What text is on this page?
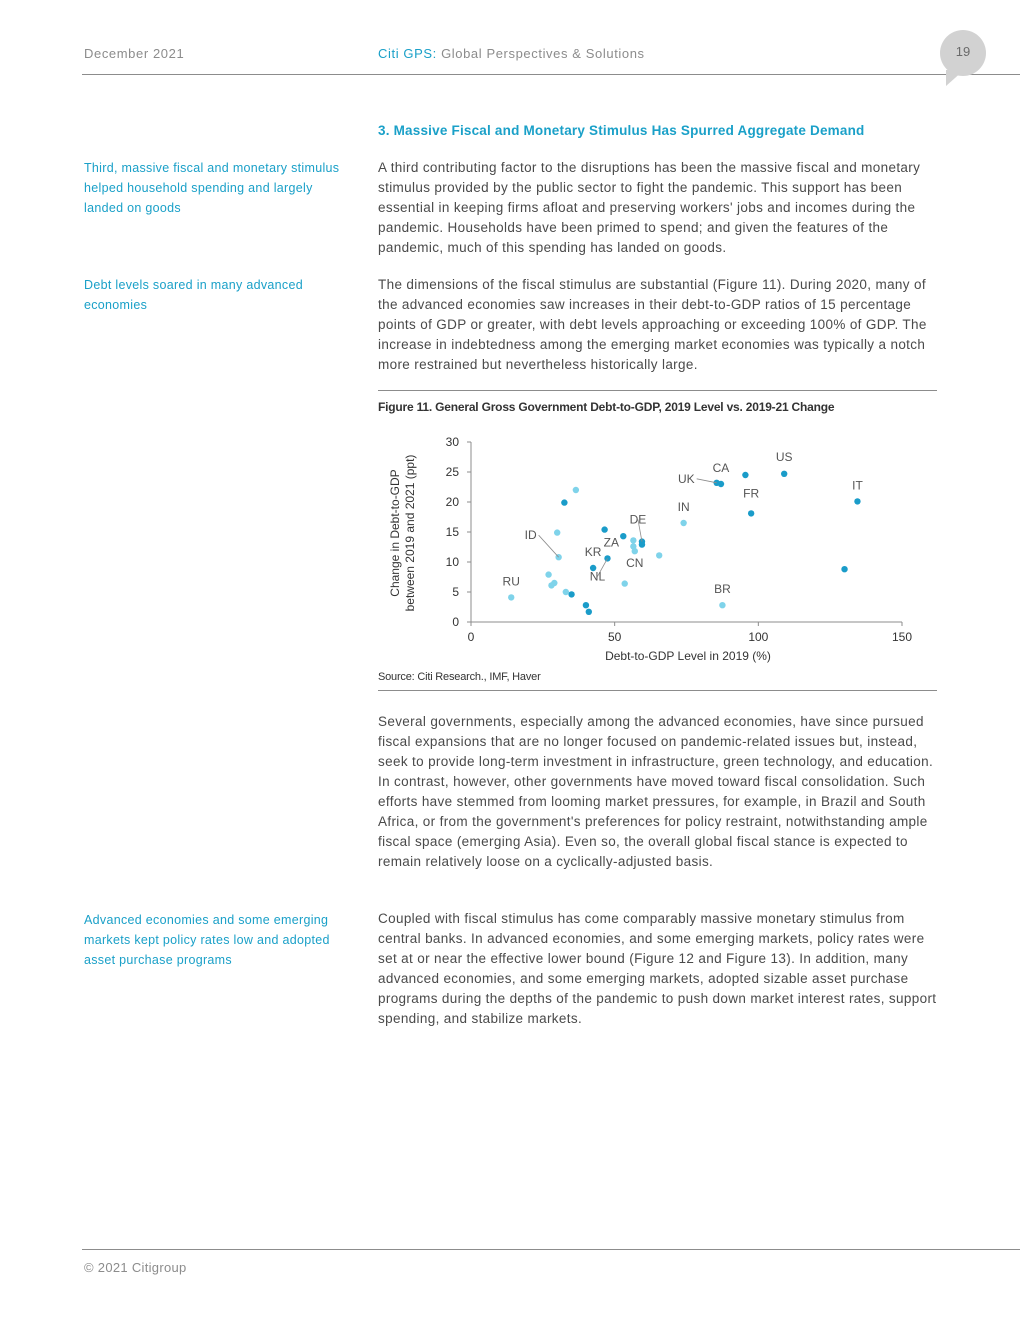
December 2021	Citi GPS: Global Perspectives & Solutions	19
3. Massive Fiscal and Monetary Stimulus Has Spurred Aggregate Demand
Third, massive fiscal and monetary stimulus helped household spending and largely landed on goods
Debt levels soared in many advanced economies
Advanced economies and some emerging markets kept policy rates low and adopted asset purchase programs

A third contributing factor to the disruptions has been the massive fiscal and monetary stimulus provided by the public sector to fight the pandemic. This support has been essential in keeping firms afloat and preserving workers' jobs and incomes during the pandemic. Households have been primed to spend; and given the features of the pandemic, much of this spending has landed on goods.

The dimensions of the fiscal stimulus are substantial (Figure 11). During 2020, many of the advanced economies saw increases in their debt-to-GDP ratios of 15 percentage points of GDP or greater, with debt levels approaching or exceeding 100% of GDP. The increase in indebtedness among the emerging market economies was typically a notch more restrained but nevertheless historically large.

Several governments, especially among the advanced economies, have since pursued fiscal expansions that are no longer focused on pandemic-related issues but, instead, seek to provide long-term investment in infrastructure, green technology, and education. In contrast, however, other governments have moved toward fiscal consolidation. Such efforts have stemmed from looming market pressures, for example, in Brazil and South Africa, or from the government's preferences for policy restraint, notwithstanding ample fiscal space (emerging Asia). Even so, the overall global fiscal stance is expected to remain relatively loose on a cyclically-adjusted basis.

Coupled with fiscal stimulus has come comparably massive monetary stimulus from central banks. In advanced economies, and some emerging markets, policy rates were set at or near the effective lower bound (Figure 12 and Figure 13). In addition, many advanced economies, and some emerging markets, adopted sizable asset purchase programs during the depths of the pandemic to push down market interest rates, support spending, and stabilize markets.

Figure 11. General Gross Government Debt-to-GDP, 2019 Level vs. 2019-21 Change
0
5
10
15
20
25
30
0	50	100	150
US
IT
CA
UK
FR
DE
NL
KR
IN
BR
RU
ID
ZA
CN
Debt-to-GDP Level in 2019 (%)
Change in Debt-to-GDP between 2019 and 2021 (ppt)
Source: Citi Research., IMF, Haver
© 2021 Citigroup
